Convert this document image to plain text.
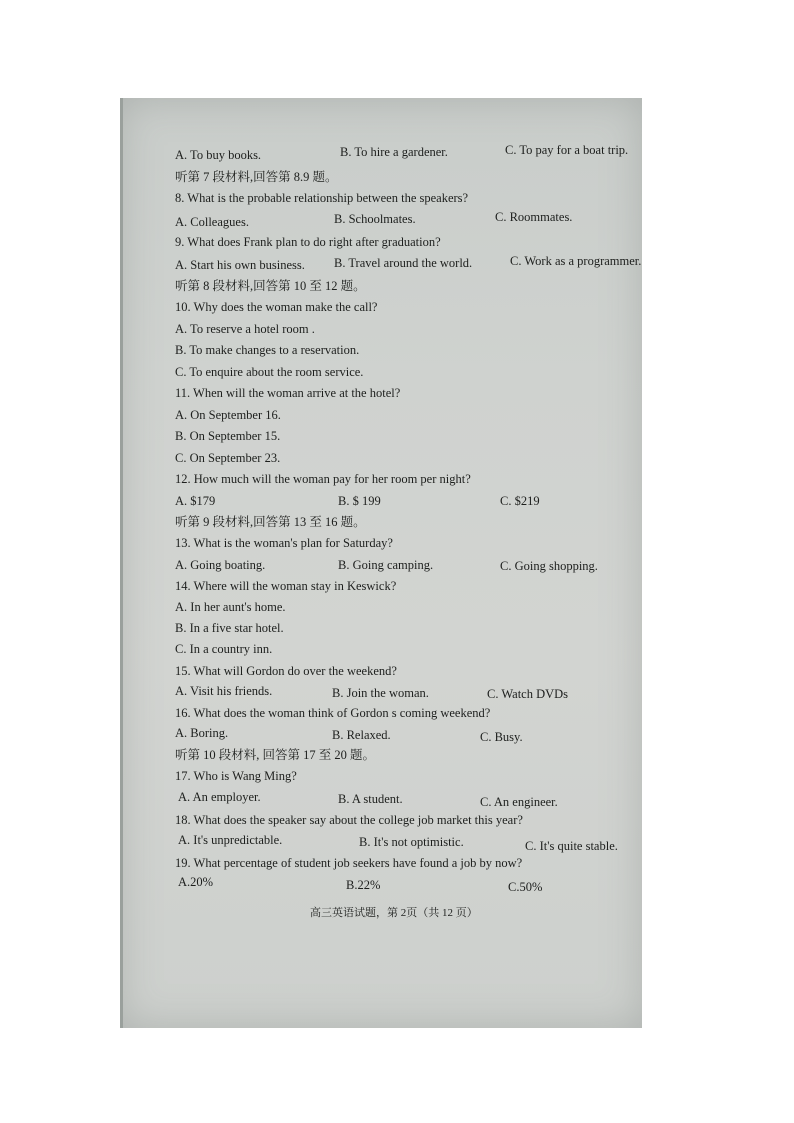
A. To buy books.	B. To hire a gardener.	C. To pay for a boat trip.
听第 7 段材料,回答第 8.9 题。
8. What is the probable relationship between the speakers?
A. Colleagues.	B. Schoolmates.	C. Roommates.
9. What does Frank plan to do right after graduation?
A. Start his own business. B. Travel around the world.	C. Work as a programmer.
听第 8 段材料,回答第 10 至 12 题。
10. Why does the woman make the call?
A. To reserve a hotel room .
B. To make changes to a reservation.
C. To enquire about the room service.
11. When will the woman arrive at the hotel?
A. On September 16.
B. On September 15.
C. On September 23.
12. How much will the woman pay for her room per night?
A. $179	B. $ 199	C. $219
听第 9 段材料,回答第 13 至 16 题。
13. What is the woman's plan for Saturday?
A. Going boating.	B. Going camping.	C. Going shopping.
14. Where will the woman stay in Keswick?
A. In her aunt's home.
B. In a five star hotel.
C. In a country inn.
15. What will Gordon do over the weekend?
A. Visit his friends.	B. Join the woman.	C. Watch DVDs
16. What does the woman think of Gordon s coming weekend?
A. Boring.	B. Relaxed.	C. Busy.
听第 10 段材料, 回答第 17 至 20 题。
17. Who is Wang Ming?
A. An employer.	B. A student.	C. An engineer.
18. What does the speaker say about the college job market this year?
A. It's unpredictable.	B. It's not optimistic.	C. It's quite stable.
19. What percentage of student job seekers have found a job by now?
A.20%	B.22%	C.50%
高三英语试题，第 2页（共 12 页）
